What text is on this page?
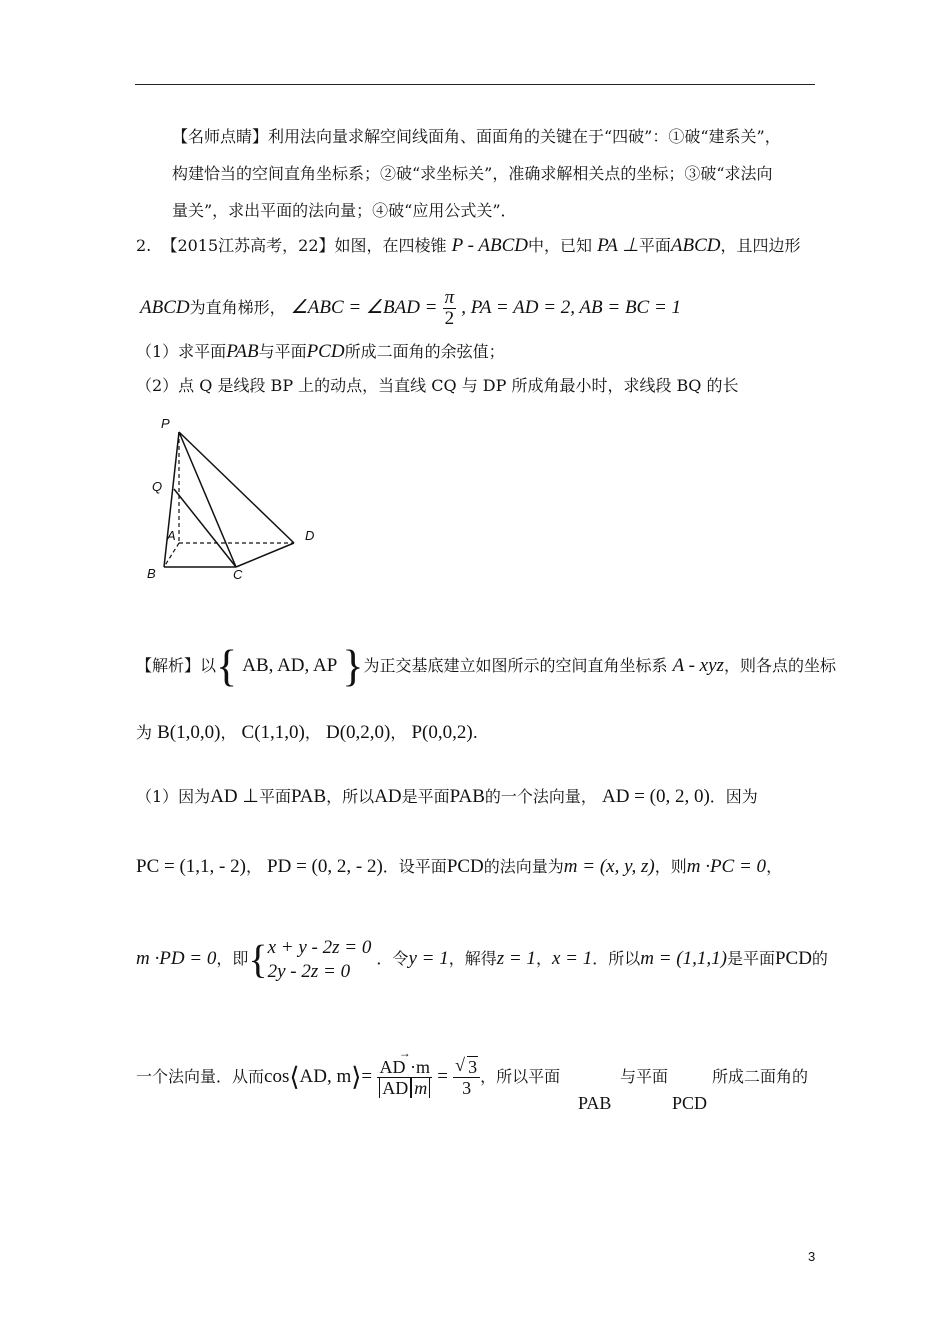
【名师点睛】利用法向量求解空间线面角、面面角的关键在于“四破”：①破“建系关”，
构建恰当的空间直角坐标系；②破“求坐标关”，准确求解相关点的坐标；③破“求法向
量关”，求出平面的法向量；④破“应用公式关”．
2. 【2015江苏高考，22】如图，在四棱锥 P - ABCD中，已知 PA ⊥平面ABCD，且四边形
ABCD为直角梯形， ∠ABC = ∠BAD = $\frac{\pi}{2}$ , PA = AD = 2, AB = BC = 1
（1）求平面PAB与平面PCD所成二面角的余弦值；
（2）点 Q 是线段 BP 上的动点，当直线 CQ 与 DP 所成角最小时，求线段 BQ 的长
P
Q
A
B	C
D
【解析】以{ AB, AD, AP }为正交基底建立如图所示的空间直角坐标系 A - xyz，则各点的坐标
为 B(1,0,0)， C(1,1,0)， D(0,2,0)， P(0,0,2).
（1）因为AD ⊥平面PAB，所以AD是平面PAB的一个法向量， AD = (0, 2, 0)．因为
PC = (1,1, - 2)， PD = (0, 2, - 2)．设平面PCD的法向量为m = (x, y, z)，则m ·PC = 0，
m ·PD = 0，即{ x + y - 2z = 0
2y - 2z = 0
．令y = 1，解得z = 1，x = 1．所以m = (1,1,1)是平面PCD的
一个法向量．从而cos⟨AD, m⟩= → $\frac{AD \cdot m}{\text{AD m}}$ = √ $\frac{3}{3}$ ，所以平面
PAB
与平面
PCD
所成二面角的
3
